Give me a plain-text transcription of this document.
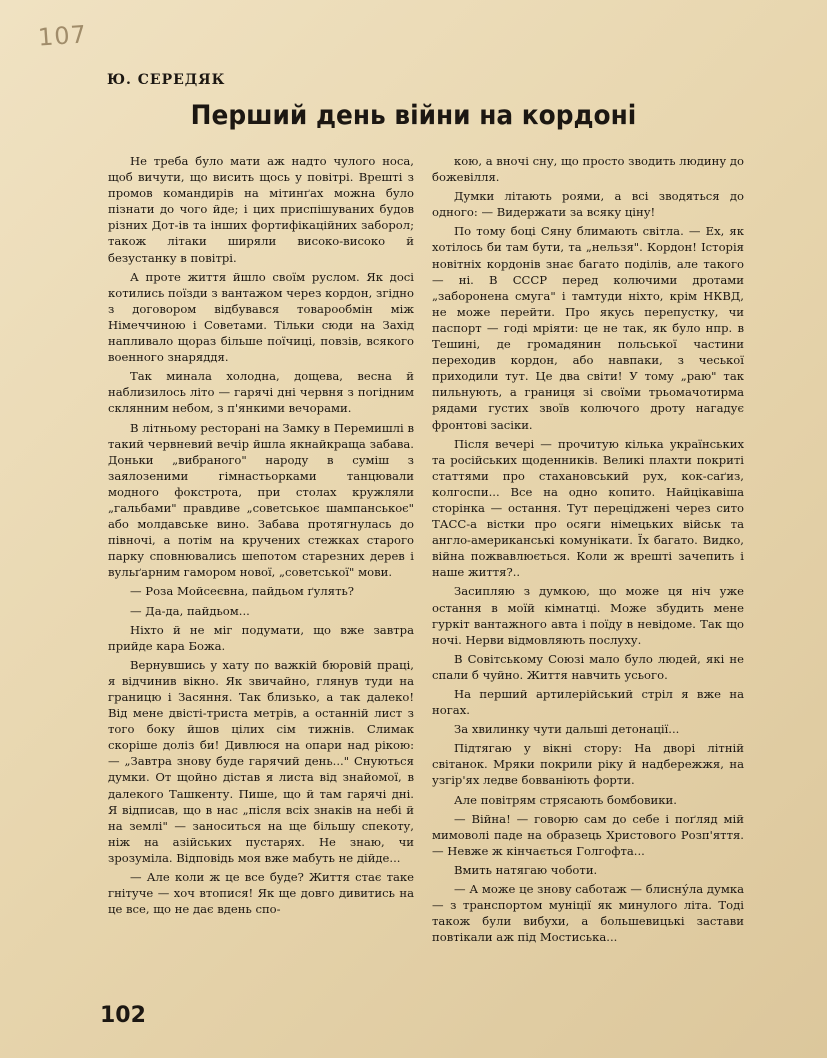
107
Ю. СЕРЕДЯК
Перший день війни на кордоні

Не треба було мати аж надто чулого носа, щоб вичути, що висить щось у повітрі. Врешті з промов командирів на мітинґах можна було пізнати до чого йде; і цих приспішуваних будов різних Дот-ів та інших фортифікаційних заборол; також літаки ширяли високо-високо й безустанку в повітрі.

А проте життя йшло своїм руслом. Як досі котились поїзди з вантажом через кордон, згідно з договором відбувався товарообмін між Німеччиною і Советами. Тільки сюди на Захід напливало щораз більше поїчиці, повзів, всякого военного знаряддя.

Так минала холодна, дощева, весна й наблизилось літо — гарячі дні червня з погідним склянним небом, з п'янкими вечорами.

В літньому ресторані на Замку в Перемишлі в такий червневий вечір йшла якнайкраща забава. Доньки „вибраного" народу в суміш з заялозеними гімнастьорками танцювали модного фокстрота, при столах кружляли „гальбами" правдиве „советськоє шампанськоє" або молдавське вино. Забава протягнулась до півночі, а потім на кручених стежках старого парку сповнювались шепотом старезних дерев і вульґарним гамором нової, „советської" мови.

— Роза Мойсеєвна, пайдьом ґулять?

— Да-да, пайдьом...

Ніхто й не міг подумати, що вже завтра прийде кара Божа.

Вернувшись у хату по важкій бюровій праці, я відчинив вікно. Як звичайно, глянув туди на границю і Засяння. Так близько, а так далеко! Від мене двісті-триста метрів, а останній лист з того боку йшов цілих сім тижнів. Слимак скоріше доліз би! Дивлюся на опари над рікою: — „Завтра знову буде гарячий день..." Снуються думки. От щойно дістав я листа від знайомої, в далекого Ташкенту. Пише, що й там гарячі дні. Я відписав, що в нас „після всіх знаків на небі й на землі" — заноситься на ще більшу спекоту, ніж на азійських пустарях. Не знаю, чи зрозуміла. Відповідь моя вже мабуть не дійде...

— Але коли ж це все буде? Життя стає таке гнітуче — хоч втопися! Як ще довго дивитись на це все, що не дає вдень спо-

кою, а вночі сну, що просто зводить людину до божевілля.

Думки літають роями, а всі зводяться до одного: — Видержати за всяку ціну!

По тому боці Сяну блимають світла. — Ех, як хотілось би там бути, та „нельзя". Кордон! Історія новітніх кордонів знає багато поділів, але такого — ні. В СССР перед колючими дротами „заборонена смуга" і тамтуди ніхто, крім НКВД, не може перейти. Про якусь перепустку, чи паспорт — годі мріяти: це не так, як було нпр. в Тешині, де громадянин польської частини переходив кордон, або навпаки, з чеської приходили тут. Це два світи! У тому „раю" так пильнують, а границя зі своїми трьомачотирма рядами густих звоїв колючого дроту нагадує фронтові засіки.

Після вечері — прочитую кілька українських та російських щоденників. Великі плахти покриті статтями про стахановський рух, кок-саґиз, колгоспи... Все на одно копито. Найцікавіша сторінка — остання. Тут переціджені через сито ТАСС-а вістки про осяги німецьких військ та англо-американські комунікати. Їх багато. Видко, війна пожвавлюється. Коли ж врешті зачепить і наше життя?..

Засипляю з думкою, що може ця ніч уже остання в моїй кімнатці. Може збудить мене гуркіт вантажного авта і поїду в невідоме. Так що ночі. Нерви відмовляють послуху.

В Совітському Союзі мало було людей, які не спали б чуйно. Життя навчить усього.

На перший артилерійський стріл я вже на ногах.

За хвилинку чути дальші детонації...

Підтягаю у вікні стору: На дворі літній світанок. Мряки покрили ріку й надбережжя, на узгір'ях ледве бовваніють форти.

Але повітрям стрясають бомбовики.

— Війна! — говорю сам до себе і поґляд мій мимоволі паде на образець Христового Розп'яття. — Невже ж кінчається Голгофта...

Вмить натягаю чоботи.

— А може це знову саботаж — блисну́ла думка — з транспортом муніції як минулого літа. Тоді також були вибухи, а большевицькі застави повтікали аж під Мостиська...

102
